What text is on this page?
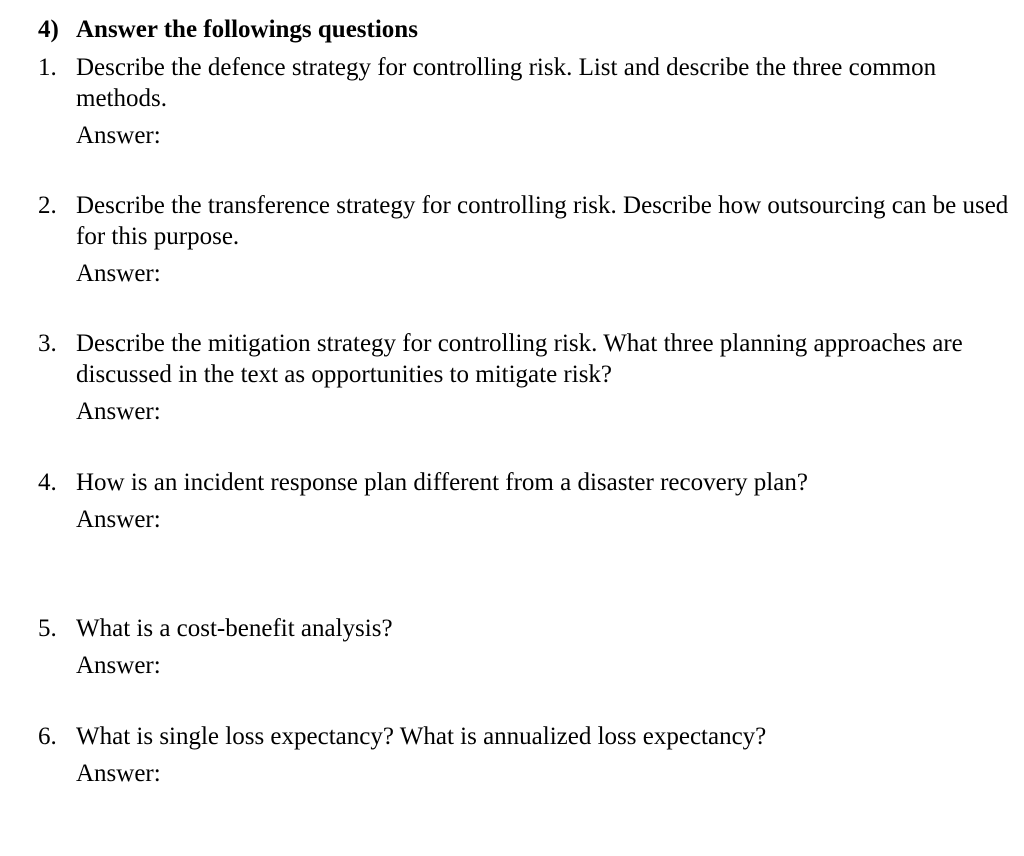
4) Answer the followings questions
1. Describe the defence strategy for controlling risk. List and describe the three common methods.
Answer:
2. Describe the transference strategy for controlling risk. Describe how outsourcing can be used for this purpose.
Answer:
3. Describe the mitigation strategy for controlling risk. What three planning approaches are discussed in the text as opportunities to mitigate risk?
Answer:
4. How is an incident response plan different from a disaster recovery plan?
Answer:
5. What is a cost-benefit analysis?
Answer:
6. What is single loss expectancy? What is annualized loss expectancy?
Answer:
